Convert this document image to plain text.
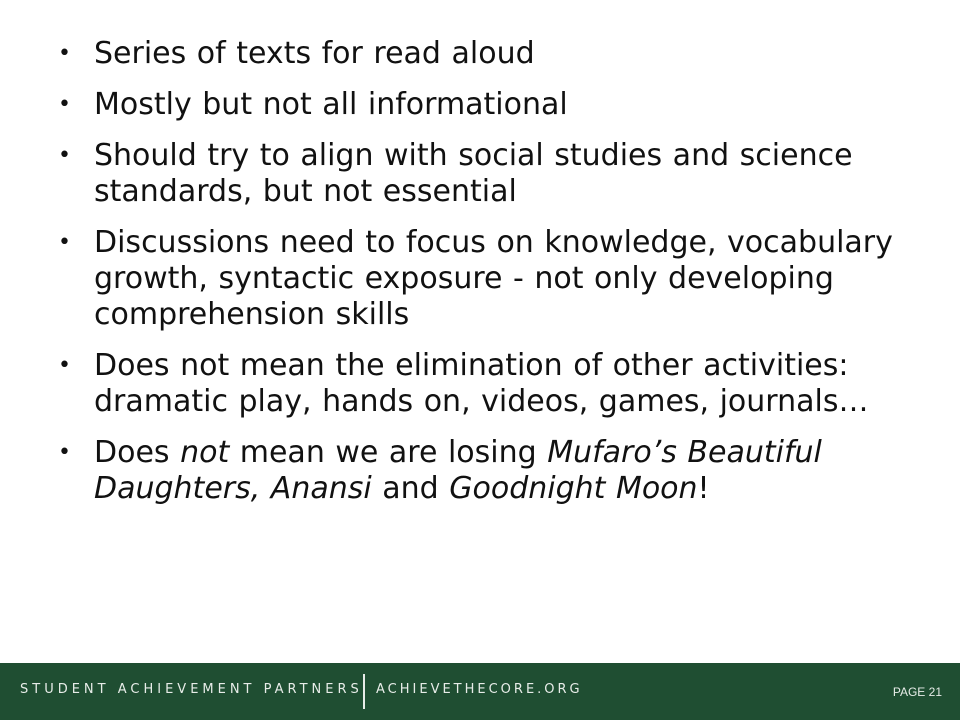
• Series of texts for read aloud
• Mostly but not all informational
• Should try to align with social studies and science standards, but not essential
• Discussions need to focus on knowledge, vocabulary growth, syntactic exposure - not only developing comprehension skills
• Does not mean the elimination of other activities: dramatic play, hands on, videos, games, journals…
• Does not mean we are losing Mufaro’s Beautiful Daughters, Anansi and Goodnight Moon!
STUDENT ACHIEVEMENT PARTNERS ACHIEVETHECORE.ORG	PAGE 21
